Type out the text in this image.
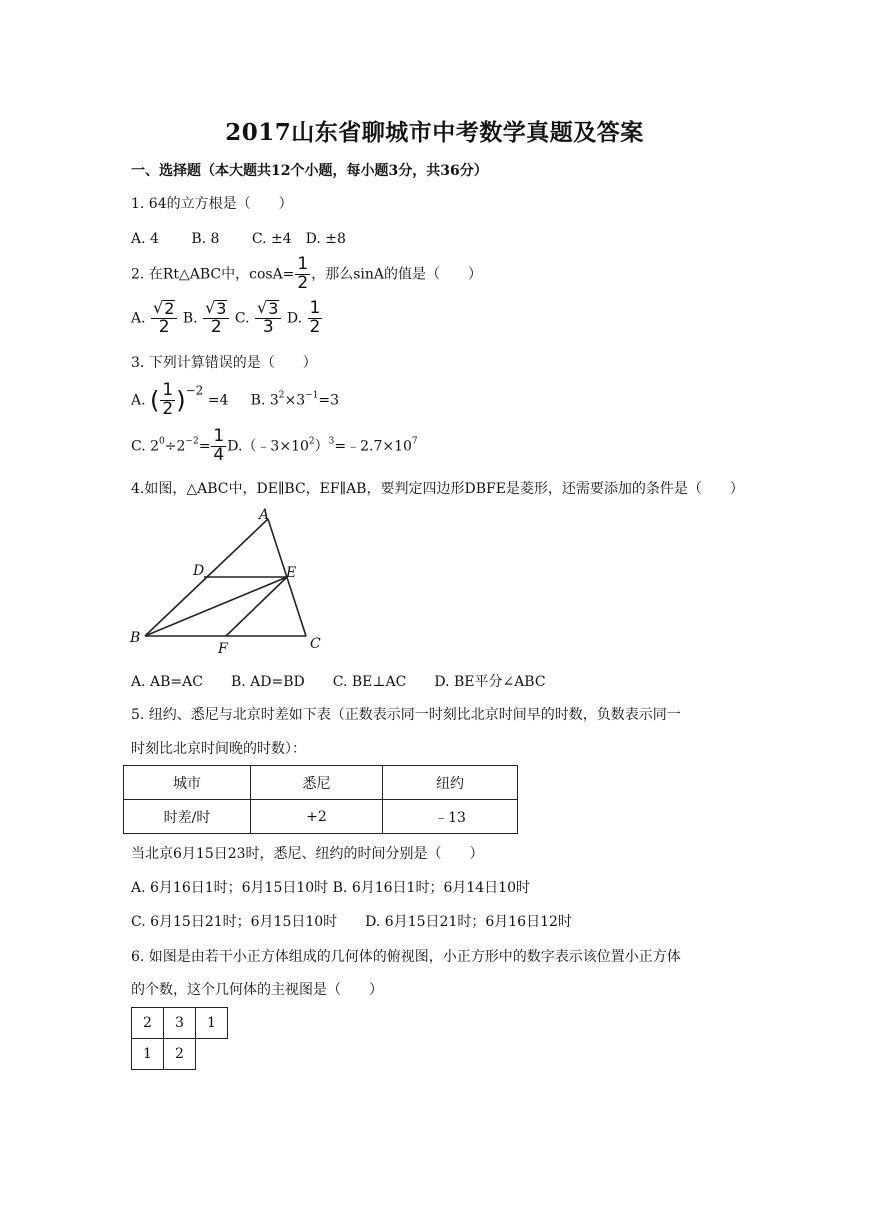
2017山东省聊城市中考数学真题及答案
一、选择题（本大题共12个小题，每小题3分，共36分）
1. 64的立方根是（　　）
A. 4　　 B. 8　　 C. ±4　D. ±8
2. 在Rt△ABC中，$\cos A= \frac{1}{2}$ ，那么sinA的值是（　　）
A. $\frac{√ 2}{2} B$. $\frac{√ 3}{2} C$. $\frac{√ 3}{3} D$. $\frac{1}{2}$
3. 下列计算错误的是（　　）
A. ( $\frac{1}{2} )^{-2} =4$ B. $3^2\times 3^{-1}=3$
C. $2^0\div 2^{-2}= \frac{1}{4}$ $D.(﹣3\times 10^2)^3=﹣2.7\times 10^7$
4.如图，△ABC中，DE∥BC，EF∥AB，要判定四边形DBFE是菱形，还需要添加的条件是（　　）
A
B	C
D	E
F
A. AB=AC　　B. AD=BD　　C. BE⊥AC　　D. BE平分∠ABC
5. 纽约、悉尼与北京时差如下表（正数表示同一时刻比北京时间早的时数，负数表示同一
时刻比北京时间晚的时数）：
城市	悉尼	纽约
时差/时	+2	﹣13
当北京6月15日23时，悉尼、纽约的时间分别是（　　）
A. 6月16日1时；6月15日10时 B. 6月16日1时；6月14日10时
C. 6月15日21时；6月15日10时　　D. 6月15日21时；6月16日12时
6. 如图是由若干小正方体组成的几何体的俯视图，小正方形中的数字表示该位置小正方体
的个数，这个几何体的主视图是（　　）
2	3	1
1	2	
